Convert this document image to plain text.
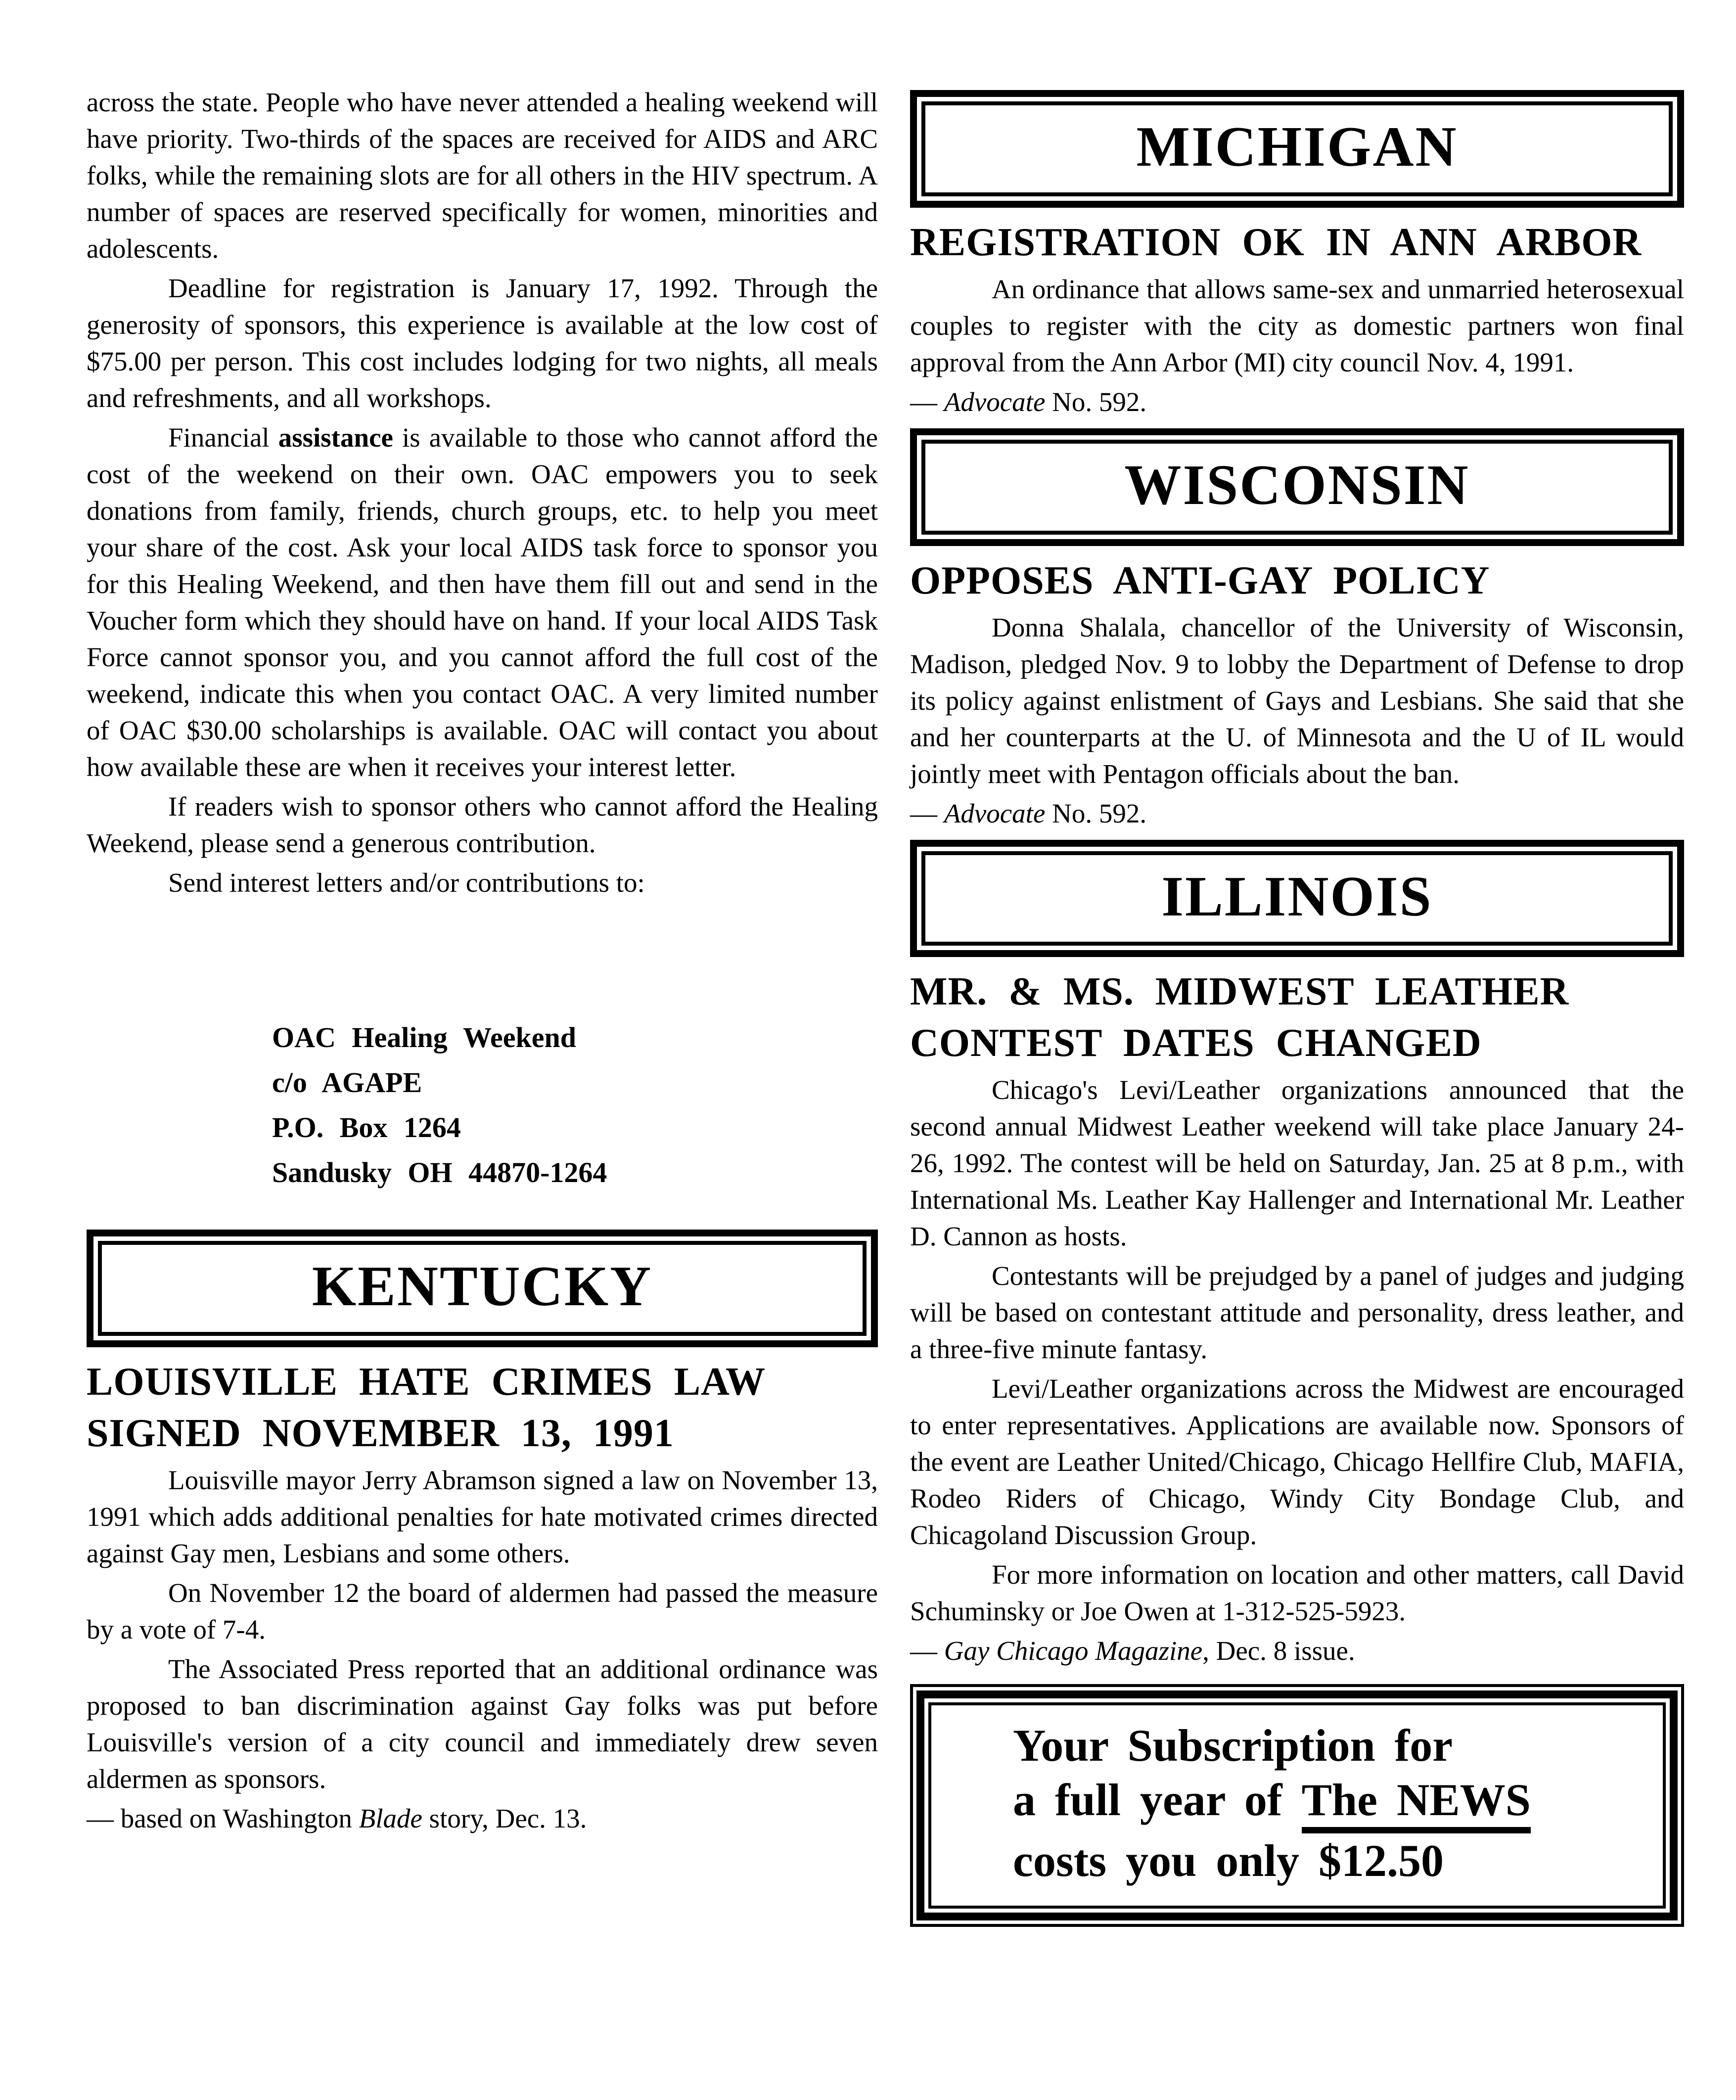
across the state. People who have never attended a healing weekend will have priority. Two-thirds of the spaces are received for AIDS and ARC folks, while the remaining slots are for all others in the HIV spectrum. A number of spaces are reserved specifically for women, minorities and adolescents.

Deadline for registration is January 17, 1992. Through the generosity of sponsors, this experience is available at the low cost of $75.00 per person. This cost includes lodging for two nights, all meals and refreshments, and all workshops.

Financial assistance is available to those who cannot afford the cost of the weekend on their own. OAC empowers you to seek donations from family, friends, church groups, etc. to help you meet your share of the cost. Ask your local AIDS task force to sponsor you for this Healing Weekend, and then have them fill out and send in the Voucher form which they should have on hand. If your local AIDS Task Force cannot sponsor you, and you cannot afford the full cost of the weekend, indicate this when you contact OAC. A very limited number of OAC $30.00 scholarships is available. OAC will contact you about how available these are when it receives your interest letter.

If readers wish to sponsor others who cannot afford the Healing Weekend, please send a generous contribution.

Send interest letters and/or contributions to:

OAC Healing Weekend
c/o AGAPE
P.O. Box 1264
Sandusky OH 44870-1264
KENTUCKY
LOUISVILLE HATE CRIMES LAW
SIGNED NOVEMBER 13, 1991

Louisville mayor Jerry Abramson signed a law on November 13, 1991 which adds additional penalties for hate motivated crimes directed against Gay men, Lesbians and some others.

On November 12 the board of aldermen had passed the measure by a vote of 7-4.

The Associated Press reported that an additional ordinance was proposed to ban discrimination against Gay folks was put before Louisville's version of a city council and immediately drew seven aldermen as sponsors.

— based on Washington Blade story, Dec. 13.

MICHIGAN
REGISTRATION OK IN ANN ARBOR

An ordinance that allows same-sex and unmarried heterosexual couples to register with the city as domestic partners won final approval from the Ann Arbor (MI) city council Nov. 4, 1991.

— Advocate No. 592.

WISCONSIN
OPPOSES ANTI-GAY POLICY

Donna Shalala, chancellor of the University of Wisconsin, Madison, pledged Nov. 9 to lobby the Department of Defense to drop its policy against enlistment of Gays and Lesbians. She said that she and her counterparts at the U. of Minnesota and the U of IL would jointly meet with Pentagon officials about the ban.

— Advocate No. 592.

ILLINOIS
MR. & MS. MIDWEST LEATHER
CONTEST DATES CHANGED

Chicago's Levi/Leather organizations announced that the second annual Midwest Leather weekend will take place January 24-26, 1992. The contest will be held on Saturday, Jan. 25 at 8 p.m., with International Ms. Leather Kay Hallenger and International Mr. Leather D. Cannon as hosts.

Contestants will be prejudged by a panel of judges and judging will be based on contestant attitude and personality, dress leather, and a three-five minute fantasy.

Levi/Leather organizations across the Midwest are encouraged to enter representatives. Applications are available now. Sponsors of the event are Leather United/Chicago, Chicago Hellfire Club, MAFIA, Rodeo Riders of Chicago, Windy City Bondage Club, and Chicagoland Discussion Group.

For more information on location and other matters, call David Schuminsky or Joe Owen at 1-312-525-5923.

— Gay Chicago Magazine, Dec. 8 issue.

Your Subscription for
a full year of The NEWS
costs you only $12.50
